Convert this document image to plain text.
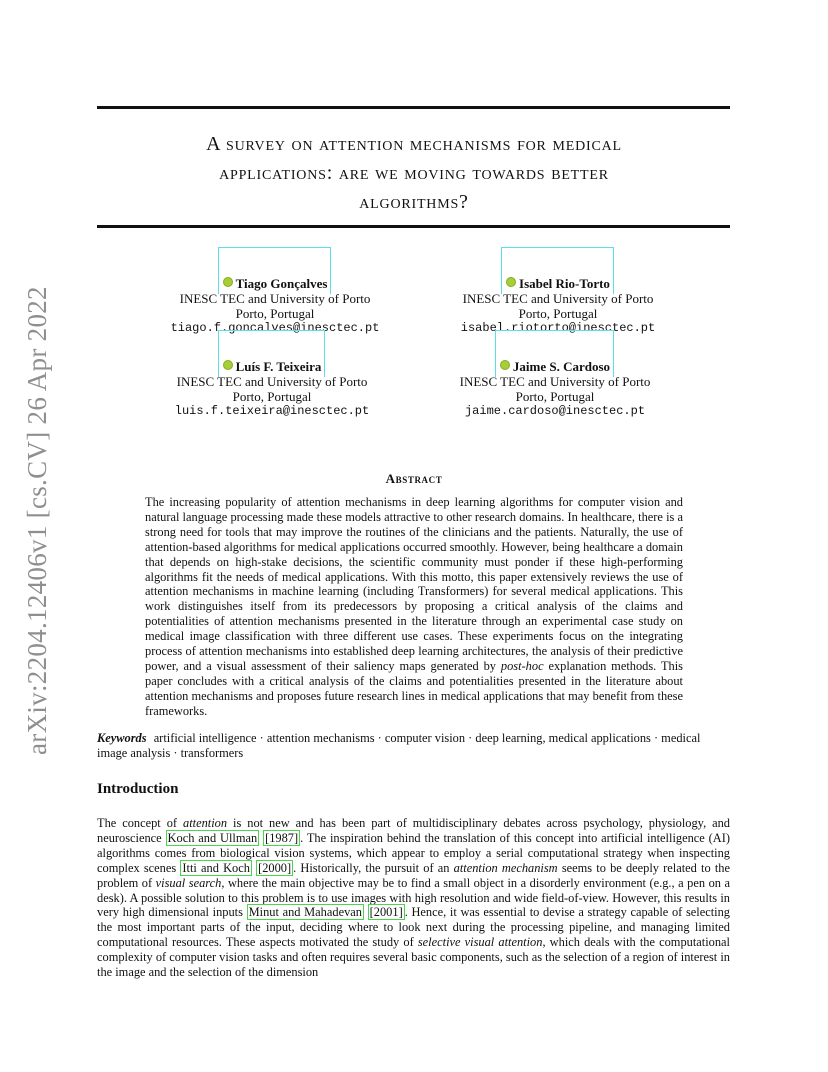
arXiv:2204.12406v1 [cs.CV] 26 Apr 2022
A survey on attention mechanisms for medical
applications: are we moving towards better
algorithms?
Tiago Gonçalves
INESC TEC and University of Porto
Porto, Portugal
tiago.f.goncalves@inesctec.pt
Isabel Rio-Torto
INESC TEC and University of Porto
Porto, Portugal
isabel.riotorto@inesctec.pt
Luís F. Teixeira
INESC TEC and University of Porto
Porto, Portugal
luis.f.teixeira@inesctec.pt
Jaime S. Cardoso
INESC TEC and University of Porto
Porto, Portugal
jaime.cardoso@inesctec.pt
Abstract
The increasing popularity of attention mechanisms in deep learning algorithms for computer vision and natural language processing made these models attractive to other research domains. In healthcare, there is a strong need for tools that may improve the routines of the clinicians and the patients. Naturally, the use of attention-based algorithms for medical applications occurred smoothly. However, being healthcare a domain that depends on high-stake decisions, the scientific community must ponder if these high-performing algorithms fit the needs of medical applications. With this motto, this paper extensively reviews the use of attention mechanisms in machine learning (including Transformers) for several medical applications. This work distinguishes itself from its predecessors by proposing a critical analysis of the claims and potentialities of attention mechanisms presented in the literature through an experimental case study on medical image classification with three different use cases. These experiments focus on the integrating process of attention mechanisms into established deep learning architectures, the analysis of their predictive power, and a visual assessment of their saliency maps generated by post-hoc explanation methods. This paper concludes with a critical analysis of the claims and potentialities presented in the literature about attention mechanisms and proposes future research lines in medical applications that may benefit from these frameworks.
Keywords artificial intelligence · attention mechanisms · computer vision · deep learning, medical applications · medical image analysis · transformers
Introduction
The concept of attention is not new and has been part of multidisciplinary debates across psychology, physiology, and neuroscience Koch and Ullman [1987] . The inspiration behind the translation of this concept into artificial intelligence (AI) algorithms comes from biological vision systems, which appear to employ a serial computational strategy when inspecting complex scenes Itti and Koch [2000] . Historically, the pursuit of an attention mechanism seems to be deeply related to the problem of visual search, where the main objective may be to find a small object in a disorderly environment (e.g., a pen on a desk). A possible solution to this problem is to use images with high resolution and wide field-of-view. However, this results in very high dimensional inputs Minut and Mahadevan [2001] . Hence, it was essential to devise a strategy capable of selecting the most important parts of the input, deciding where to look next during the processing pipeline, and managing limited computational resources. These aspects motivated the study of selective visual attention, which deals with the computational complexity of computer vision tasks and often requires several basic components, such as the selection of a region of interest in the image and the selection of the dimension
